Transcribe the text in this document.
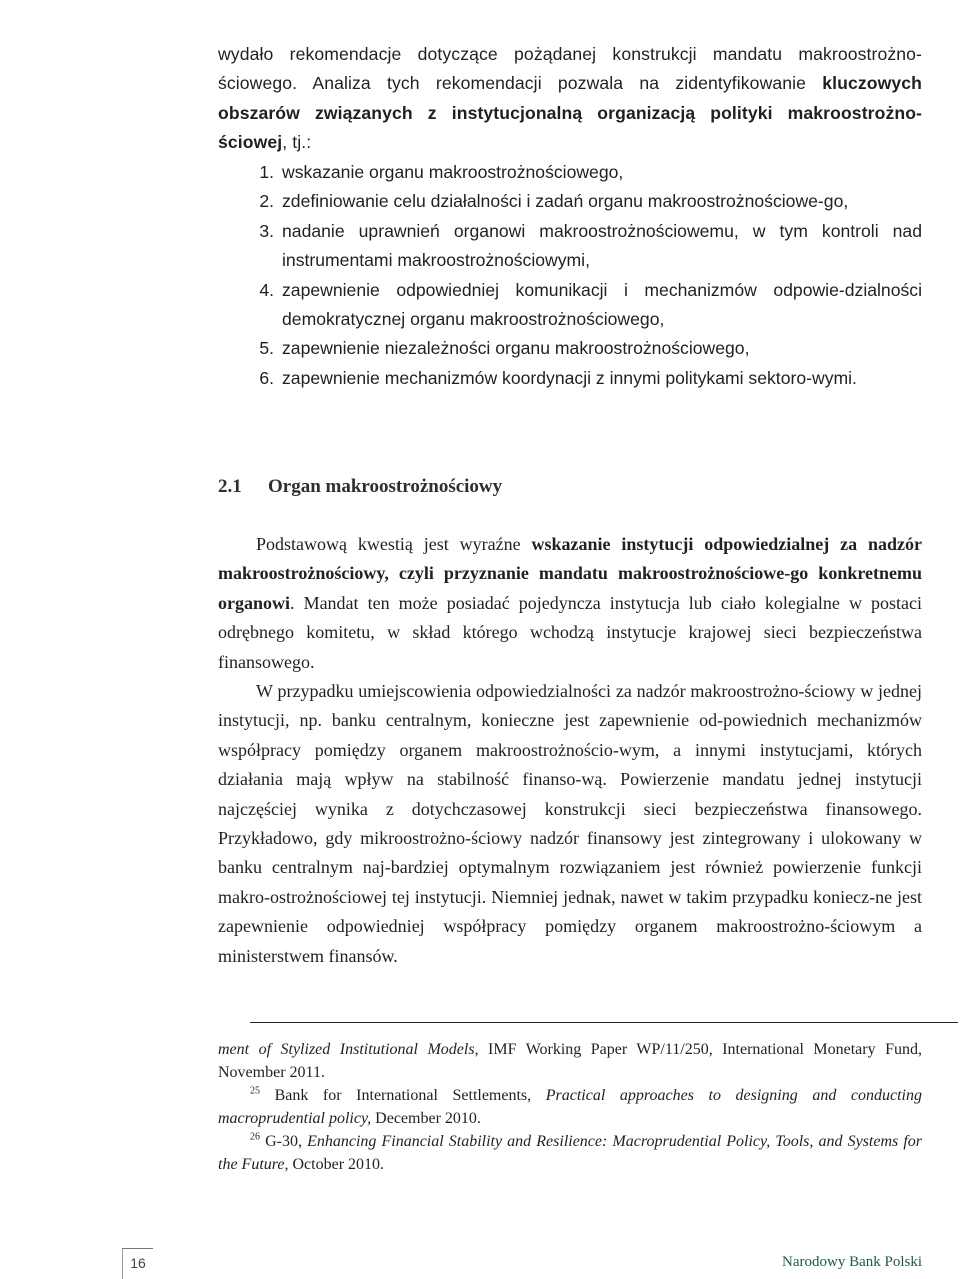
wydało rekomendacje dotyczące pożądanej konstrukcji mandatu makroostrożno-ściowego. Analiza tych rekomendacji pozwala na zidentyfikowanie kluczowych obszarów związanych z instytucjonalną organizacją polityki makroostrożno-ściowej, tj.:
1. wskazanie organu makroostrożnościowego,
2. zdefiniowanie celu działalności i zadań organu makroostrożnościowe-go,
3. nadanie uprawnień organowi makroostrożnościowemu, w tym kontroli nad instrumentami makroostrożnościowymi,
4. zapewnienie odpowiedniej komunikacji i mechanizmów odpowie-dzialności demokratycznej organu makroostrożnościowego,
5. zapewnienie niezależności organu makroostrożnościowego,
6. zapewnienie mechanizmów koordynacji z innymi politykami sektoro-wymi.
2.1 Organ makroostrożnościowy

Podstawową kwestią jest wyraźne wskazanie instytucji odpowiedzialnej za nadzór makroostrożnościowy, czyli przyznanie mandatu makroostrożnościowe-go konkretnemu organowi. Mandat ten może posiadać pojedyncza instytucja lub ciało kolegialne w postaci odrębnego komitetu, w skład którego wchodzą instytucje krajowej sieci bezpieczeństwa finansowego.

W przypadku umiejscowienia odpowiedzialności za nadzór makroostrożno-ściowy w jednej instytucji, np. banku centralnym, konieczne jest zapewnienie od-powiednich mechanizmów współpracy pomiędzy organem makroostrożnościo-wym, a innymi instytucjami, których działania mają wpływ na stabilność finanso-wą. Powierzenie mandatu jednej instytucji najczęściej wynika z dotychczasowej konstrukcji sieci bezpieczeństwa finansowego. Przykładowo, gdy mikroostrożno-ściowy nadzór finansowy jest zintegrowany i ulokowany w banku centralnym naj-bardziej optymalnym rozwiązaniem jest również powierzenie funkcji makro-ostrożnościowej tej instytucji. Niemniej jednak, nawet w takim przypadku koniecz-ne jest zapewnienie odpowiedniej współpracy pomiędzy organem makroostrożno-ściowym a ministerstwem finansów.

ment of Stylized Institutional Models, IMF Working Paper WP/11/250, International Monetary Fund, November 2011.

$^{25}$ Bank for International Settlements, Practical approaches to designing and conducting macroprudential policy, December 2010.

$^{26}$ G-30, Enhancing Financial Stability and Resilience: Macroprudential Policy, Tools, and Systems for the Future, October 2010.

16	Narodowy Bank Polski
